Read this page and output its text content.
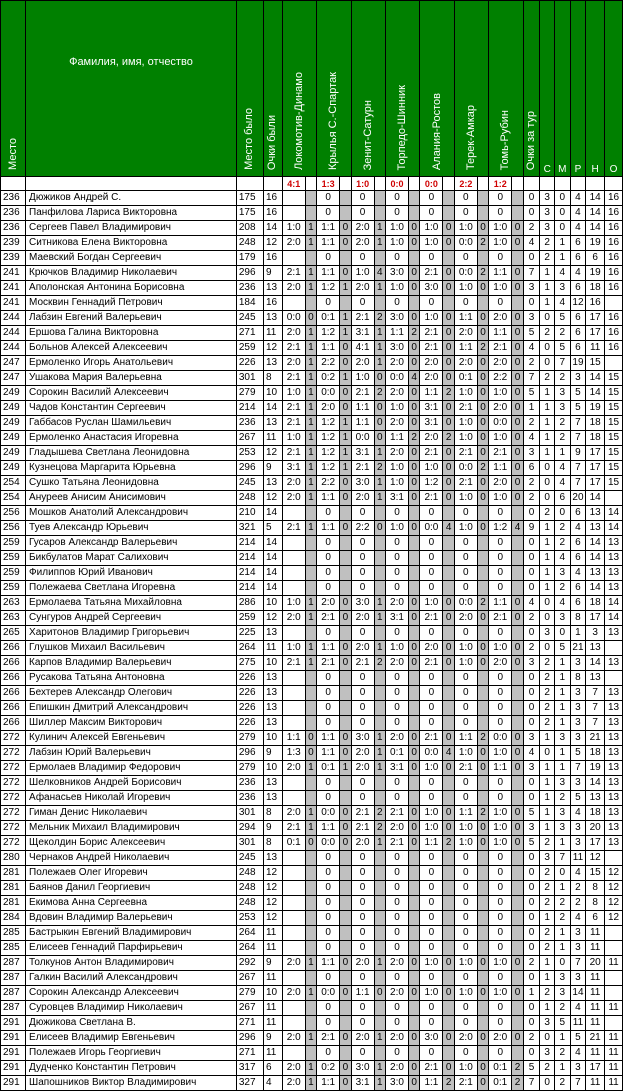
Место	Фамилия, имя, отчество	Место было	Очки были	Локомотив-Динамо		Крылья С.-Спартак		Зенит-Сатурн		Торпедо-Шинник		Алания-Ростов		Терек-Амкар		Томь-Рубин		Очки за тур	С	М	Р	Н	О
				4:1		1:3		1:0		0:0		0:0		2:2		1:2							
236	Дюжиков Андрей С.	175	16			0		0		0		0		0		0		0	3	0	4	14	16
236	Панфилова Лариса Викторовна	175	16			0		0		0		0		0		0		0	3	0	4	14	16
236	Сергеев Павел Владимирович	208	14	1:0	1	1:1	0	2:0	1	1:0	0	1:0	0	1:0	0	1:0	0	2	3	0	4	14	16
239	Ситникова Елена Викторовна	248	12	2:0	1	1:1	0	2:0	1	1:0	0	1:0	0	0:0	2	1:0	0	4	2	1	6	19	16
239	Маевский Богдан Сергеевич	179	16			0		0		0		0		0		0		0	2	1	6	6	16
241	Крючков Владимир Николаевич	296	9	2:1	1	1:1	0	1:0	4	3:0	0	2:1	0	0:0	2	1:1	0	7	1	4	4	19	16
241	Аполонская Антонина Борисовна	236	13	2:0	1	1:2	1	2:0	1	1:0	0	3:0	0	1:0	0	1:0	0	3	1	3	6	18	16
241	Москвин Геннадий Петрович	184	16			0		0		0		0		0		0		0	1	4	12	16	
244	Лабзин Евгений Валерьевич	245	13	0:0	0	0:1	1	2:1	2	3:0	0	1:0	0	1:1	0	2:0	0	3	0	5	6	17	16
244	Ершова Галина Викторовна	271	11	2:0	1	1:2	1	3:1	1	1:1	2	2:1	0	2:0	0	1:1	0	5	2	2	6	17	16
244	Больнов Алексей Алексеевич	259	12	2:1	1	1:1	0	4:1	1	3:0	0	2:1	0	1:1	2	2:1	0	4	0	5	6	11	16
247	Ермоленко Игорь Анатольевич	226	13	2:0	1	2:2	0	2:0	1	2:0	0	2:0	0	2:0	0	2:0	0	2	0	7	19	15	
247	Ушакова Мария Валерьевна	301	8	2:1	1	0:2	1	1:0	0	0:0	4	2:0	0	0:1	0	2:2	0	7	2	2	3	14	15
249	Сорокин Василий Алексеевич	279	10	1:0	1	0:0	0	2:1	2	2:0	0	1:1	2	1:0	0	1:0	0	5	1	3	5	14	15
249	Чадов Константин Сергеевич	214	14	2:1	1	2:0	0	1:1	0	1:0	0	3:1	0	2:1	0	2:0	0	1	1	3	5	19	15
249	Габбасов Руслан Шамильевич	236	13	2:1	1	1:2	1	1:1	0	2:0	0	3:1	0	1:0	0	0:0	0	2	1	2	7	18	15
249	Ермоленко Анастасия Игоревна	267	11	1:0	1	1:2	1	0:0	0	1:1	2	2:0	2	1:0	0	1:0	0	4	1	2	7	18	15
249	Гладышева Светлана Леонидовна	253	12	2:1	1	1:2	1	3:1	1	2:0	0	2:1	0	2:1	0	2:1	0	3	1	1	9	17	15
249	Кузнецова Маргарита Юрьевна	296	9	3:1	1	1:2	1	2:1	2	1:0	0	1:0	0	0:0	2	1:1	0	6	0	4	7	17	15
254	Сушко Татьяна Леонидовна	245	13	2:0	1	2:2	0	3:0	1	1:0	0	1:2	0	2:1	0	2:0	0	2	0	4	7	17	15
254	Ануреев Анисим Анисимович	248	12	2:0	1	1:1	0	2:0	1	3:1	0	2:1	0	1:0	0	1:0	0	2	0	6	20	14	
256	Мошков Анатолий Александрович	210	14			0		0		0		0		0		0		0	2	0	6	13	14
256	Туев Александр Юрьевич	321	5	2:1	1	1:1	0	2:2	0	1:0	0	0:0	4	1:0	0	1:2	4	9	1	2	4	13	14
259	Гусаров Александр Валерьевич	214	14			0		0		0		0		0		0		0	1	2	6	14	13
259	Бикбулатов Марат Салихович	214	14			0		0		0		0		0		0		0	1	4	6	14	13
259	Филиппов Юрий Иванович	214	14			0		0		0		0		0		0		0	1	3	4	13	13
259	Полежаева Светлана Игоревна	214	14			0		0		0		0		0		0		0	1	2	6	14	13
263	Ермолаева Татьяна Михайловна	286	10	1:0	1	2:0	0	3:0	1	2:0	0	1:0	0	0:0	2	1:1	0	4	0	4	6	18	14
263	Сунгуров Андрей Сергеевич	259	12	2:0	1	2:1	0	2:0	1	3:1	0	2:1	0	2:0	0	2:1	0	2	0	3	8	17	14
265	Харитонов Владимир Григорьевич	225	13			0		0		0		0		0		0		0	3	0	1	3	13
266	Глушков Михаил Васильевич	264	11	1:0	1	1:1	0	2:0	1	1:0	0	2:0	0	1:0	0	1:0	0	2	0	5	21	13	
266	Карпов Владимир Валерьевич	275	10	2:1	1	2:1	0	2:1	2	2:0	0	2:1	0	1:0	0	2:0	0	3	2	1	3	14	13
266	Русакова Татьяна Антоновна	226	13			0		0		0		0		0		0		0	2	1	8	13	
266	Бехтерев Александр Олегович	226	13			0		0		0		0		0		0		0	2	1	3	7	13
266	Епишкин Дмитрий Александрович	226	13			0		0		0		0		0		0		0	2	1	3	7	13
266	Шиллер Максим Викторович	226	13			0		0		0		0		0		0		0	2	1	3	7	13
272	Кулинич Алексей Евгеньевич	279	10	1:1	0	1:1	0	3:0	1	2:0	0	2:1	0	1:1	2	0:0	0	3	1	3	3	21	13
272	Лабзин Юрий Валерьевич	296	9	1:3	0	1:1	0	2:0	1	0:1	0	0:0	4	1:0	0	1:0	0	4	0	1	5	18	13
272	Ермолаев Владимир Федорович	279	10	2:0	1	0:1	1	2:0	1	3:1	0	1:0	0	2:1	0	1:1	0	3	1	1	7	19	13
272	Шелковников Андрей Борисович	236	13			0		0		0		0		0		0		0	1	3	3	14	13
272	Афанасьев Николай Игоревич	236	13			0		0		0		0		0		0		0	1	2	5	13	13
272	Гиман Денис Николаевич	301	8	2:0	1	0:0	0	2:1	2	2:1	0	1:0	0	1:1	2	1:0	0	5	1	3	4	18	13
272	Мельник Михаил Владимирович	294	9	2:1	1	1:1	0	2:1	2	2:0	0	1:0	0	1:0	0	1:0	0	3	1	3	3	20	13
272	Щеколдин Борис Алексеевич	301	8	0:1	0	0:0	0	2:0	1	2:1	0	1:1	2	1:0	0	1:0	0	5	2	1	3	17	13
280	Чернаков Андрей Николаевич	245	13			0		0		0		0		0		0		0	3	7	11	12	
281	Полежаев Олег Игоревич	248	12			0		0		0		0		0		0		0	2	0	4	15	12
281	Баянов Данил Георгиевич	248	12			0		0		0		0		0		0		0	2	1	2	8	12
281	Екимова Анна Сергеевна	248	12			0		0		0		0		0		0		0	2	2	2	8	12
284	Вдовин Владимир Валерьевич	253	12			0		0		0		0		0		0		0	1	2	4	6	12
285	Бастрыкин Евгений Владимирович	264	11			0		0		0		0		0		0		0	2	1	3	11	
285	Елисеев Геннадий Парфирьевич	264	11			0		0		0		0		0		0		0	2	1	3	11	
287	Толкунов Антон Владимирович	292	9	2:0	1	1:1	0	2:0	1	2:0	0	1:0	0	1:0	0	1:0	0	2	1	0	7	20	11
287	Галкин Василий Александрович	267	11			0		0		0		0		0		0		0	1	3	3	11	
287	Сорокин Александр Алексеевич	279	10	2:0	1	0:0	0	1:1	0	2:0	0	1:0	0	1:0	0	1:0	0	1	2	3	14	11	
287	Суровцев Владимир Николаевич	267	11			0		0		0		0		0		0		0	1	2	4	11	11
291	Дюжикова Светлана В.	271	11			0		0		0		0		0		0		0	3	5	11	11	
291	Елисеев Владимир Евгеньевич	296	9	2:0	1	2:1	0	2:0	1	2:0	0	3:0	0	2:0	0	2:0	0	2	0	1	5	21	11
291	Полежаев Игорь Георгиевич	271	11			0		0		0		0		0		0		0	3	2	4	11	11
291	Дудченко Константин Петрович	317	6	2:0	1	0:2	0	3:0	1	2:0	0	2:1	0	1:0	0	0:1	2	5	2	1	3	17	11
291	Шапошников Виктор Владимирович	327	4	2:0	1	1:1	0	3:1	1	3:0	0	1:1	2	2:1	0	0:1	2	7	0	2	7	11	11
